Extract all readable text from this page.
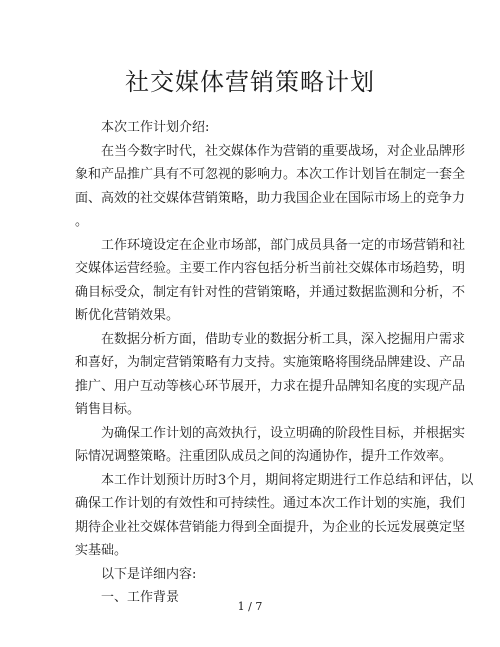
社交媒体营销策略计划
本次工作计划介绍:
在当今数字时代，社交媒体作为营销的重要战场，对企业品牌形
象和产品推广具有不可忽视的影响力。本次工作计划旨在制定一套全
面、高效的社交媒体营销策略，助力我国企业在国际市场上的竞争力
。
工作环境设定在企业市场部，部门成员具备一定的市场营销和社
交媒体运营经验。主要工作内容包括分析当前社交媒体市场趋势，明
确目标受众，制定有针对性的营销策略，并通过数据监测和分析，不
断优化营销效果。
在数据分析方面，借助专业的数据分析工具，深入挖掘用户需求
和喜好，为制定营销策略有力支持。实施策略将围绕品牌建设、产品
推广、用户互动等核心环节展开，力求在提升品牌知名度的实现产品
销售目标。
为确保工作计划的高效执行，设立明确的阶段性目标，并根据实
际情况调整策略。注重团队成员之间的沟通协作，提升工作效率。
本工作计划预计历时3个月，期间将定期进行工作总结和评估，以
确保工作计划的有效性和可持续性。通过本次工作计划的实施，我们
期待企业社交媒体营销能力得到全面提升，为企业的长远发展奠定坚
实基础。
以下是详细内容:
一、工作背景
1 / 7
